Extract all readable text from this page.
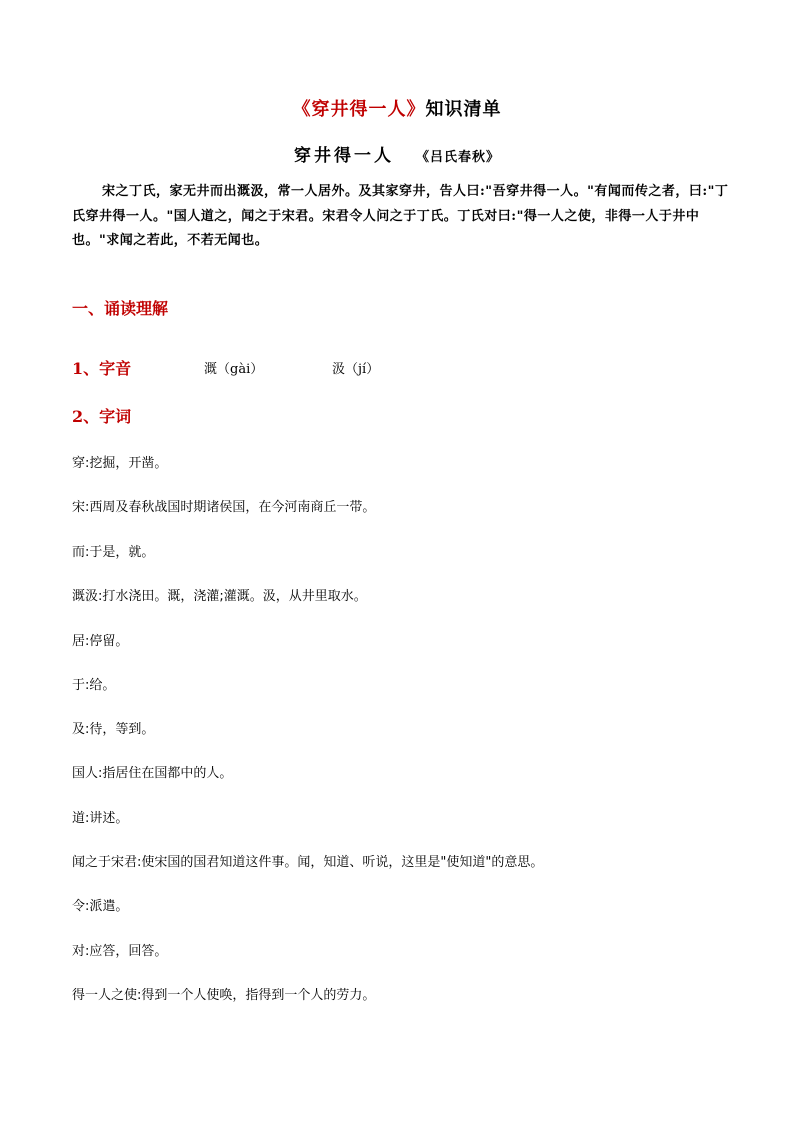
《穿井得一人》知识清单
穿井得一人 《吕氏春秋》
宋之丁氏，家无井而出溉汲，常一人居外。及其家穿井，告人曰:"吾穿井得一人。"有闻而传之者，曰:"丁氏穿井得一人。"国人道之，闻之于宋君。宋君令人问之于丁氏。丁氏对曰:"得一人之使，非得一人于井中也。"求闻之若此，不若无闻也。
一、诵读理解
1、字音	溉（gài）	汲（jí）
2、字词
穿:挖掘，开凿。
宋:西周及春秋战国时期诸侯国，在今河南商丘一带。
而:于是，就。
溉汲:打水浇田。溉，浇灌;灌溉。汲，从井里取水。
居:停留。
于:给。
及:待，等到。
国人:指居住在国都中的人。
道:讲述。
闻之于宋君:使宋国的国君知道这件事。闻，知道、听说，这里是"使知道"的意思。
令:派遣。
对:应答，回答。
得一人之使:得到一个人使唤，指得到一个人的劳力。
